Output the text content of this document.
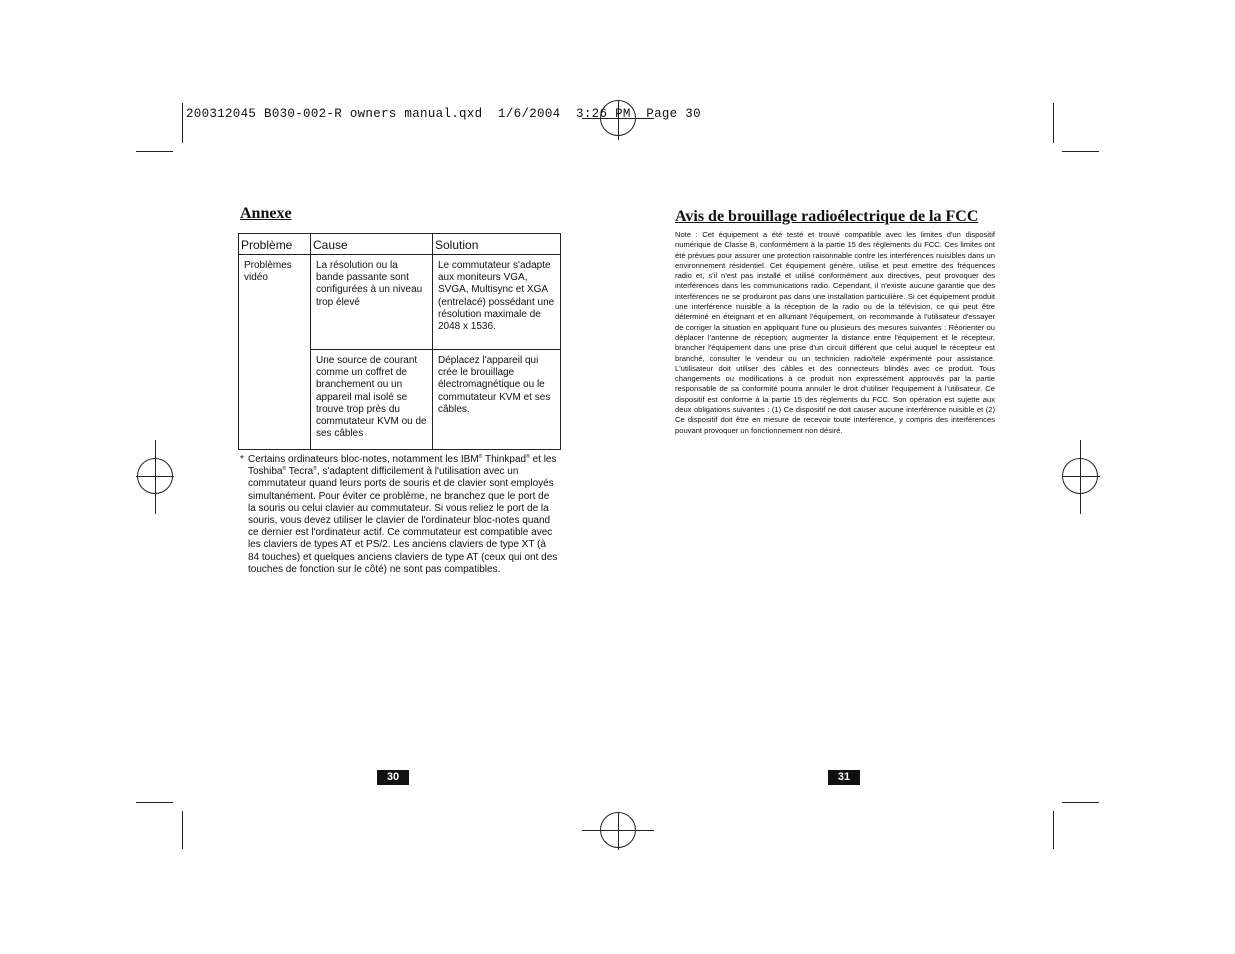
200312045 B030-002-R owners manual.qxd  1/6/2004  3:26 PM  Page 30
Annexe
Problème	Cause	Solution
Problèmes vidéo	La résolution ou la bande passante sont configurées à un niveau trop élevé	Le commutateur s'adapte aux moniteurs VGA, SVGA, Multisync et XGA (entrelacé) possédant une résolution maximale de 2048 x 1536.
	Une source de courant comme un coffret de branchement ou un appareil mal isolé se trouve trop près du commutateur KVM ou de ses câbles	Déplacez l'appareil qui crée le brouillage électromagnétique ou le commutateur KVM et ses câbles.
* Certains ordinateurs bloc-notes, notamment les IBM® Thinkpad® et les Toshiba® Tecra®, s'adaptent difficilement à l'utilisation avec un commutateur quand leurs ports de souris et de clavier sont employés simultanément. Pour éviter ce problème, ne branchez que le port de la souris ou celui clavier au commutateur. Si vous reliez le port de la souris, vous devez utiliser le clavier de l'ordinateur bloc-notes quand ce dernier est l'ordinateur actif. Ce commutateur est compatible avec les claviers de types AT et PS/2. Les anciens claviers de type XT (à 84 touches) et quelques anciens claviers de type AT (ceux qui ont des touches de fonction sur le côté) ne sont pas compatibles.
30
Avis de brouillage radioélectrique de la FCC
Note : Cet équipement a été testé et trouvé compatible avec les limites d'un dispositif numérique de Classe B, conformément à la partie 15 des règlements du FCC. Ces limites ont été prévues pour assurer une protection raisonnable contre les interférences nuisibles dans un environnement résidentiel. Cet équipement génère, utilise et peut émettre des fréquences radio et, s'il n'est pas installé et utilisé conformément aux directives, peut provoquer des interférences dans les communications radio. Cependant, il n'existe aucune garantie que des interférences ne se produiront pas dans une installation particulière. Si cet équipement produit une interférence nuisible à la réception de la radio ou de la télévision, ce qui peut être déterminé en éteignant et en allumant l'équipement, on recommande à l'utilisateur d'essayer de corriger la situation en appliquant l'une ou plusieurs des mesures suivantes : Réorienter ou déplacer l'antenne de réception; augmenter la distance entre l'équipement et le récepteur, brancher l'équipement dans une prise d'un circuit différent que celui auquel le récepteur est branché, consulter le vendeur ou un technicien radio/télé expérimenté pour assistance. L'utilisateur doit utiliser des câbles et des connecteurs blindés avec ce produit. Tous changements ou modifications à ce produit non expressément approuvés par la partie responsable de sa conformité pourra annuler le droit d'utiliser l'équipement à l'utilisateur. Ce dispositif est conforme à la partie 15 des règlements du FCC. Son opération est sujette aux deux obligations suivantes : (1) Ce dispositif ne doit causer aucune interférence nuisible et (2) Ce dispositif doit être en mesure de recevoir toute interférence, y compris des interférences pouvant provoquer un fonctionnement non désiré.
31
